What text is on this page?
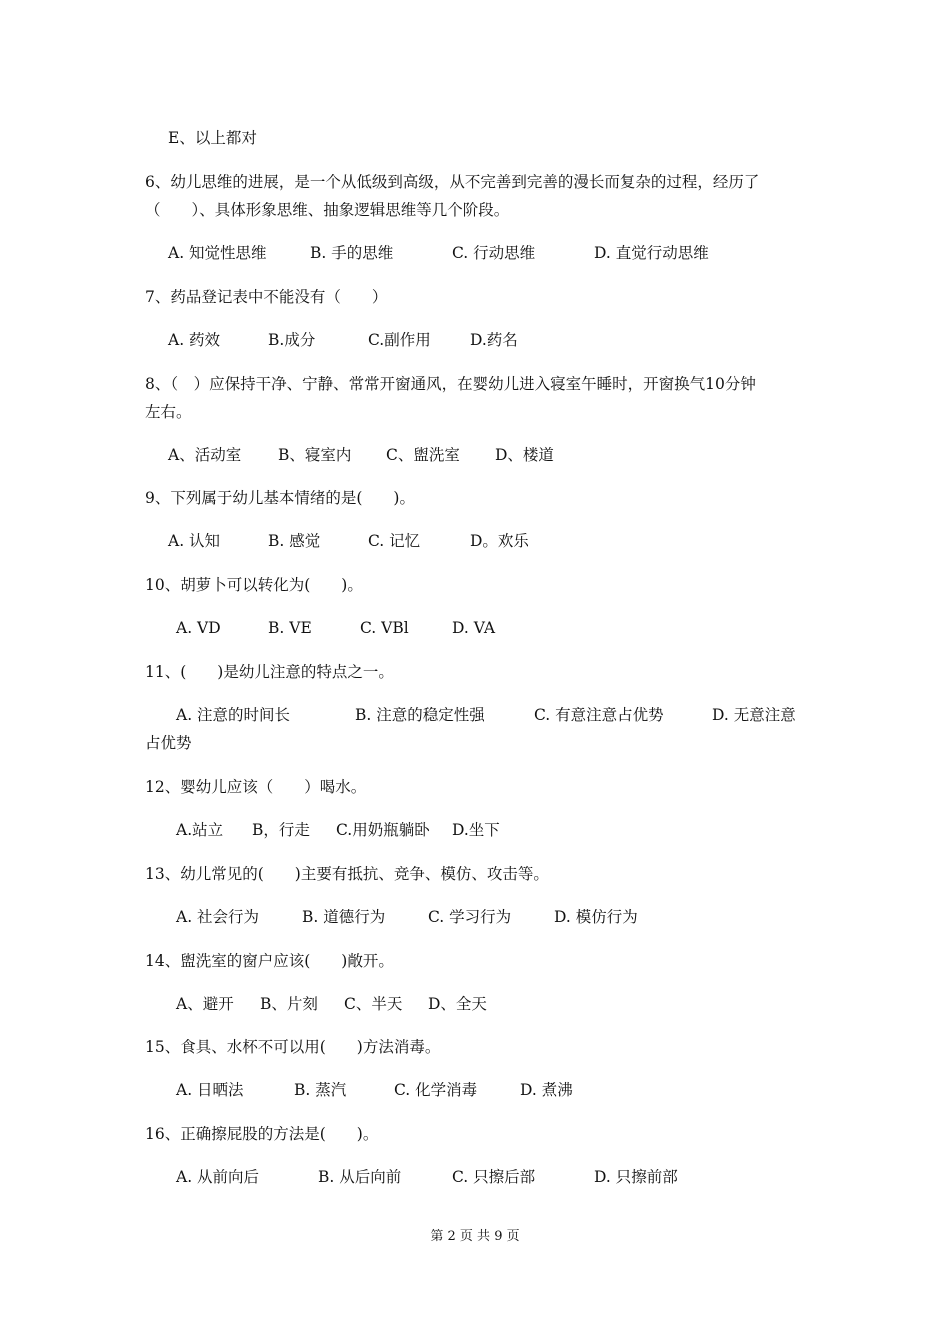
E、以上都对
6、幼儿思维的进展，是一个从低级到高级，从不完善到完善的漫长而复杂的过程，经历了
（　　）、具体形象思维、抽象逻辑思维等几个阶段。
A. 知觉性思维	B. 手的思维	C. 行动思维	D. 直觉行动思维
7、药品登记表中不能没有（　　）
A. 药效	B.成分	C.副作用	D.药名
8、（　）应保持干净、宁静、常常开窗通风，在婴幼儿进入寝室午睡时，开窗换气10分钟
左右。
A、活动室 B、寝室内 C、盥洗室 D、楼道
9、下列属于幼儿基本情绪的是(　　)。
A. 认知	B. 感觉	C. 记忆	D。欢乐
10、胡萝卜可以转化为(　　)。
A. VD	B. VE	C. VBl	D. VA
11、(　　)是幼儿注意的特点之一。
A. 注意的时间长	B. 注意的稳定性强	C. 有意注意占优势	D. 无意注意
占优势
12、婴幼儿应该（　　）喝水。
A.站立 B，行走 C.用奶瓶躺卧 D.坐下
13、幼儿常见的(　　)主要有抵抗、竞争、模仿、攻击等。
A. 社会行为	B. 道德行为	C. 学习行为	D. 模仿行为
14、盥洗室的窗户应该(　　)敞开。
A、避开 B、片刻 C、半天 D、全天
15、食具、水杯不可以用(　　)方法消毒。
A. 日晒法	B. 蒸汽	C. 化学消毒	D. 煮沸
16、正确擦屁股的方法是(　　)。
A. 从前向后	B. 从后向前	C. 只擦后部	D. 只擦前部
第 2 页 共 9 页
